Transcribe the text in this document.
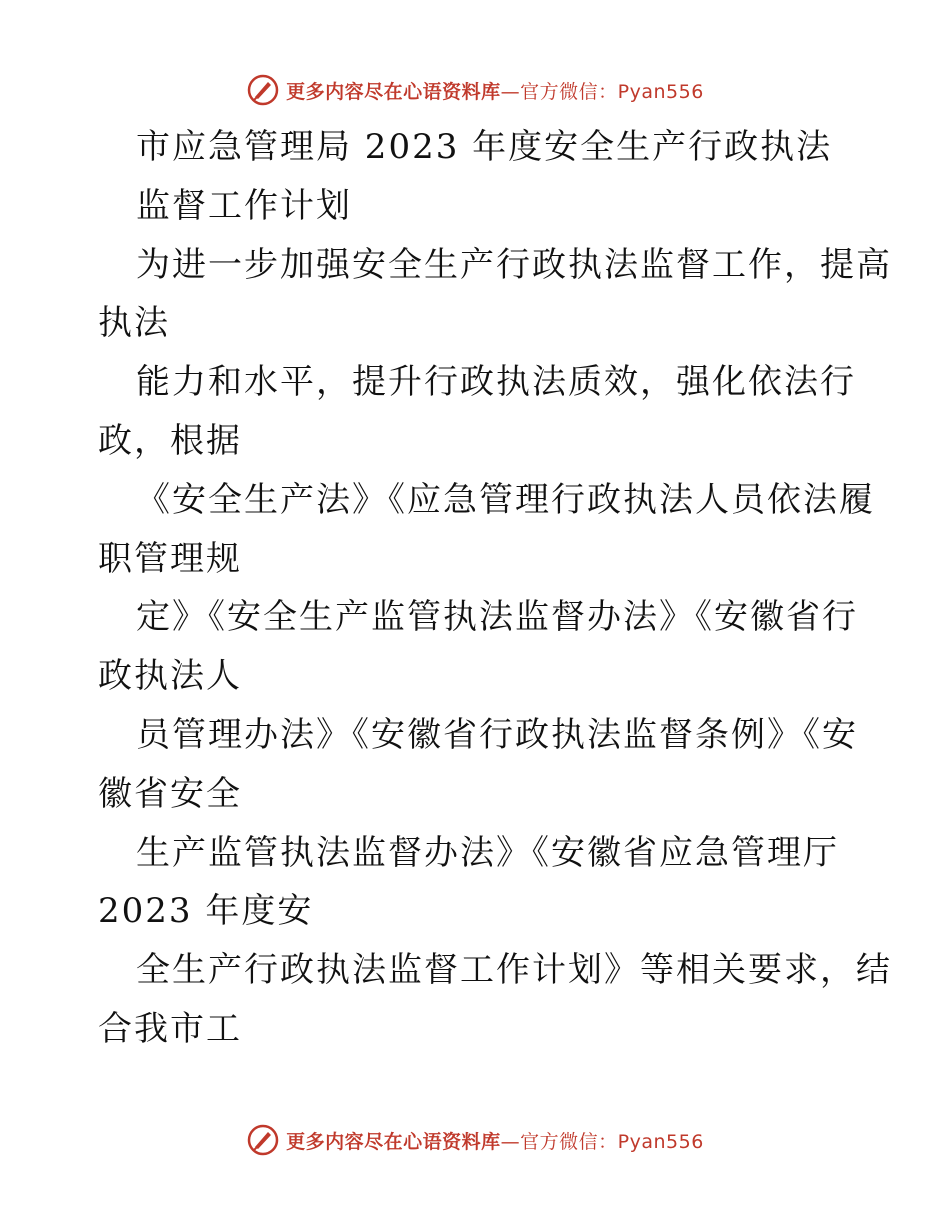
更多内容尽在心语资料库—官方微信：Pyan556
市应急管理局 2023 年度安全生产行政执法
监督工作计划
为进一步加强安全生产行政执法监督工作，提高
执法
能力和水平，提升行政执法质效，强化依法行
政，根据
《安全生产法》《应急管理行政执法人员依法履
职管理规
定》《安全生产监管执法监督办法》《安徽省行
政执法人
员管理办法》《安徽省行政执法监督条例》《安
徽省安全
生产监管执法监督办法》《安徽省应急管理厅
2023 年度安
全生产行政执法监督工作计划》等相关要求，结
合我市工
更多内容尽在心语资料库—官方微信：Pyan556
